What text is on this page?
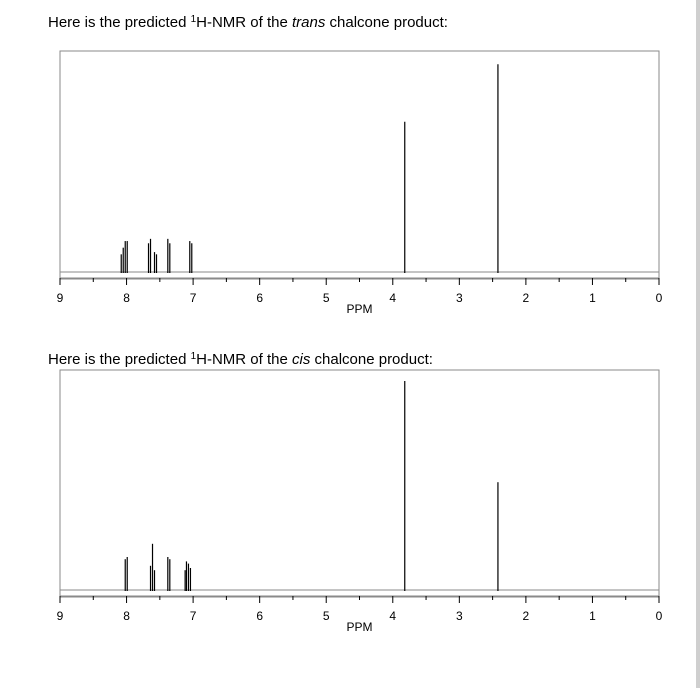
Here is the predicted $^1$H-NMR of the trans chalcone product:
9	8	7	6	5	4	3	2	1	0
PPM
Here is the predicted $^1$H-NMR of the cis chalcone product:
9	8	7	6	5	4	3	2	1	0
PPM
